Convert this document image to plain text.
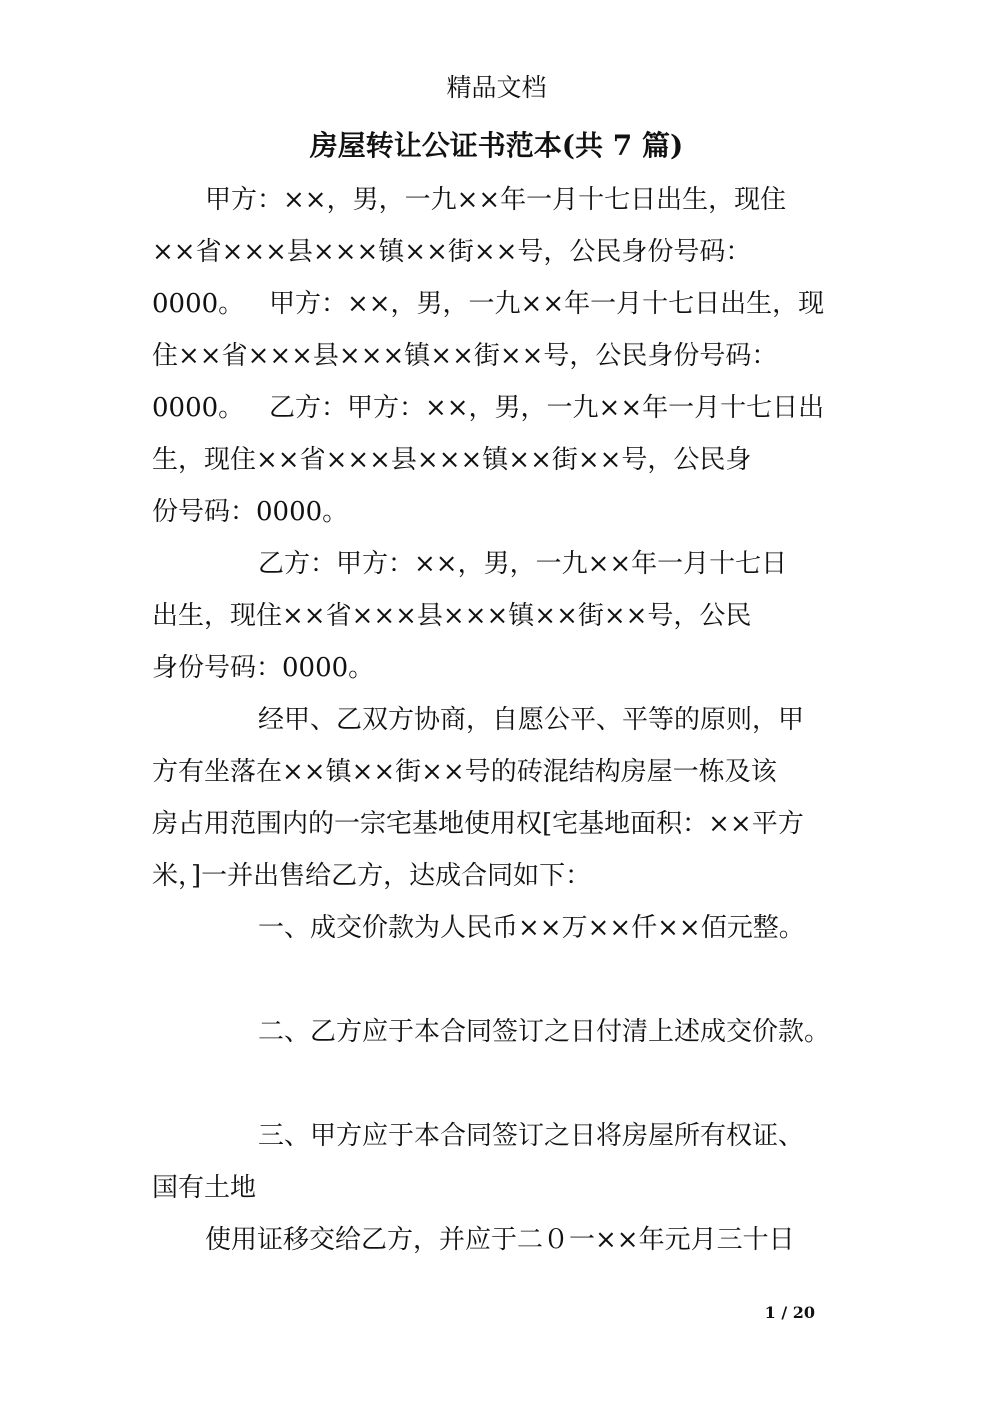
精品文档
房屋转让公证书范本(共 7 篇)
甲方：××，男，一九××年一月十七日出生，现住
××省×××县×××镇××街××号，公民身份号码：
0000。   甲方：××，男，一九××年一月十七日出生，现
住××省×××县×××镇××街××号，公民身份号码：
0000。   乙方：甲方：××，男，一九××年一月十七日出
生，现住××省×××县×××镇××街××号，公民身
份号码：0000。
乙方：甲方：××，男，一九××年一月十七日
出生，现住××省×××县×××镇××街××号，公民
身份号码：0000。
经甲、乙双方协商，自愿公平、平等的原则，甲
方有坐落在××镇××街××号的砖混结构房屋一栋及该
房占用范围内的一宗宅基地使用权[宅基地面积：××平方
米，]一并出售给乙方，达成合同如下：
一、成交价款为人民币××万××仟××佰元整。
二、乙方应于本合同签订之日付清上述成交价款。
三、甲方应于本合同签订之日将房屋所有权证、
国有土地
使用证移交给乙方，并应于二０一××年元月三十日
1 / 20
